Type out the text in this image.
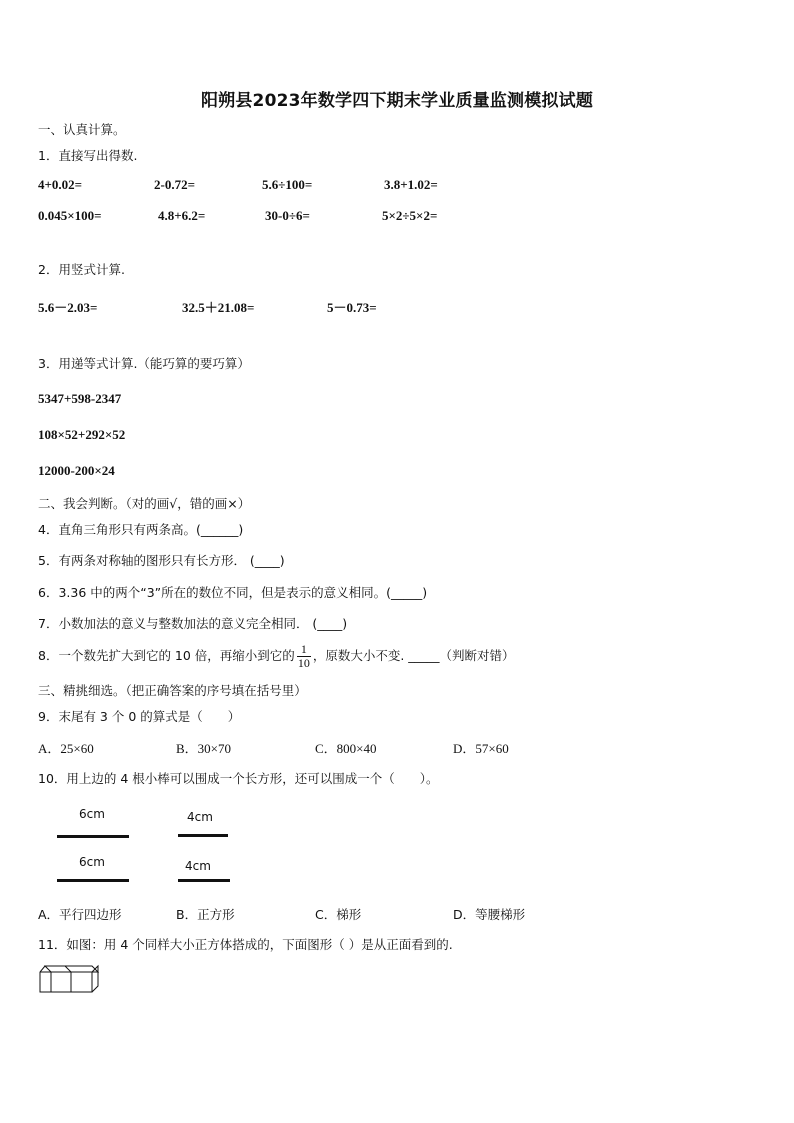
阳朔县2023年数学四下期末学业质量监测模拟试题
一、认真计算。
1．直接写出得数.
4+0.02=	2-0.72=	5.6÷100=	3.8+1.02=
0.045×100=	4.8+6.2=	30-0÷6=	5×2÷5×2=
2．用竖式计算.
5.6－2.03=	32.5＋21.08=	5－0.73=
3．用递等式计算.（能巧算的要巧算）
5347+598-2347
108×52+292×52
12000-200×24
二、我会判断。（对的画√，错的画×）
4．直角三角形只有两条高。(______)
5．有两条对称轴的图形只有长方形． (____)
6．3.36 中的两个“3”所在的数位不同，但是表示的意义相同。(_____)
7．小数加法的意义与整数加法的意义完全相同． (____)
8．一个数先扩大到它的 10 倍，再缩小到它的 $\frac{1}{10}$ ，原数大小不变. _____（判断对错）
三、精挑细选。（把正确答案的序号填在括号里）
9．末尾有 3 个 0 的算式是（　　）
A．25×60	B．30×70	C．800×40	D．57×60
10．用上边的 4 根小棒可以围成一个长方形，还可以围成一个（　　）。
6cm	4cm
6cm	4cm
A．平行四边形	B．正方形	C．梯形	D．等腰梯形
11．如图：用 4 个同样大小正方体搭成的，下面图形（ ）是从正面看到的.
